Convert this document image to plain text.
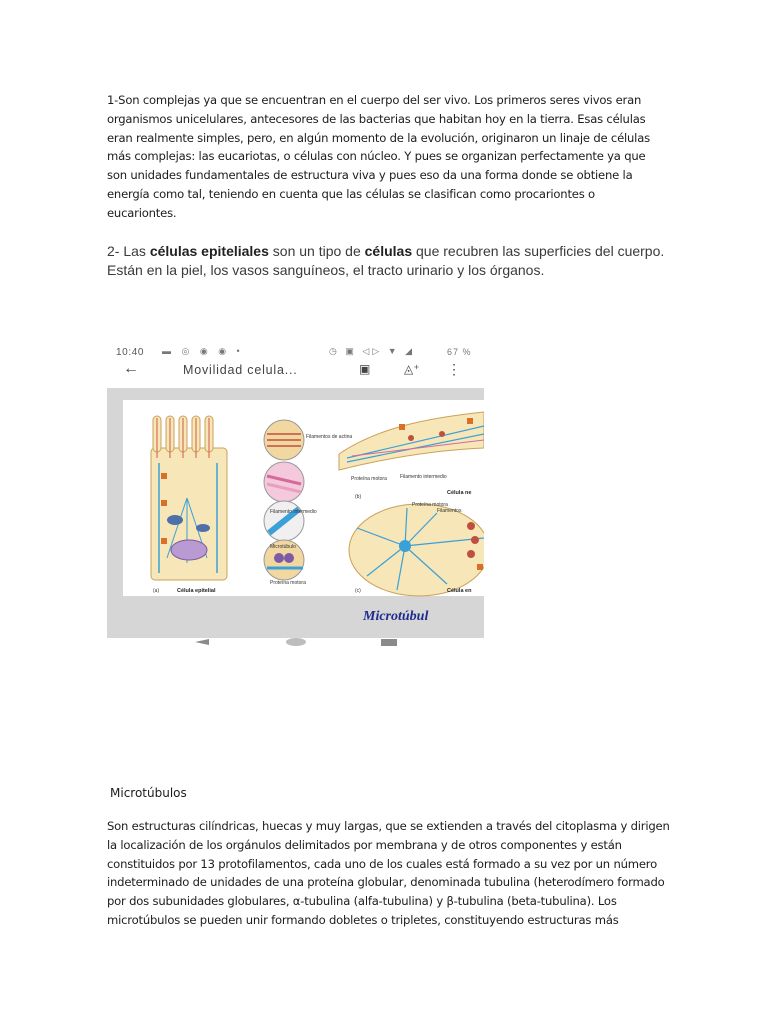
1-Son complejas ya que se encuentran en el cuerpo del ser vivo. Los primeros seres vivos eran organismos unicelulares, antecesores de las bacterias que habitan hoy en la tierra. Esas células eran realmente simples, pero, en algún momento de la evolución, originaron un linaje de células más complejas: las eucariotas, o células con núcleo. Y pues se organizan perfectamente ya que son unidades fundamentales de estructura viva y pues eso da una forma donde se obtiene la energía como tal, teniendo en cuenta que las células se clasifican como procariontes o eucariontes.
2- Las células epiteliales son un tipo de células que recubren las superficies del cuerpo. Están en la piel, los vasos sanguíneos, el tracto urinario y los órganos.
10:40 ▬ ◎ ◉ ◉ •	◷ ▣ ◁▷ ▼ ◢	67 %
←	Movilidad celula...	▣	◬⁺ ⋮
Filamentos de actina
Filamento intermedio
Microtúbulo
Proteína motora
(a)	Célula epitelial
Proteína motora	Filamento intermedio
(b)
Célula ne
Proteína motora
Filamentos
(c)	Célula en
Microtúbul
Microtúbulos
Son estructuras cilíndricas, huecas y muy largas, que se extienden a través del citoplasma y dirigen la localización de los orgánulos delimitados por membrana y de otros componentes y están constituidos por 13 protofilamentos, cada uno de los cuales está formado a su vez por un número indeterminado de unidades de una proteína globular, denominada tubulina (heterodímero formado por dos subunidades globulares, α-tubulina (alfa-tubulina) y β-tubulina (beta-tubulina). Los microtúbulos se pueden unir formando dobletes o tripletes, constituyendo estructuras más
